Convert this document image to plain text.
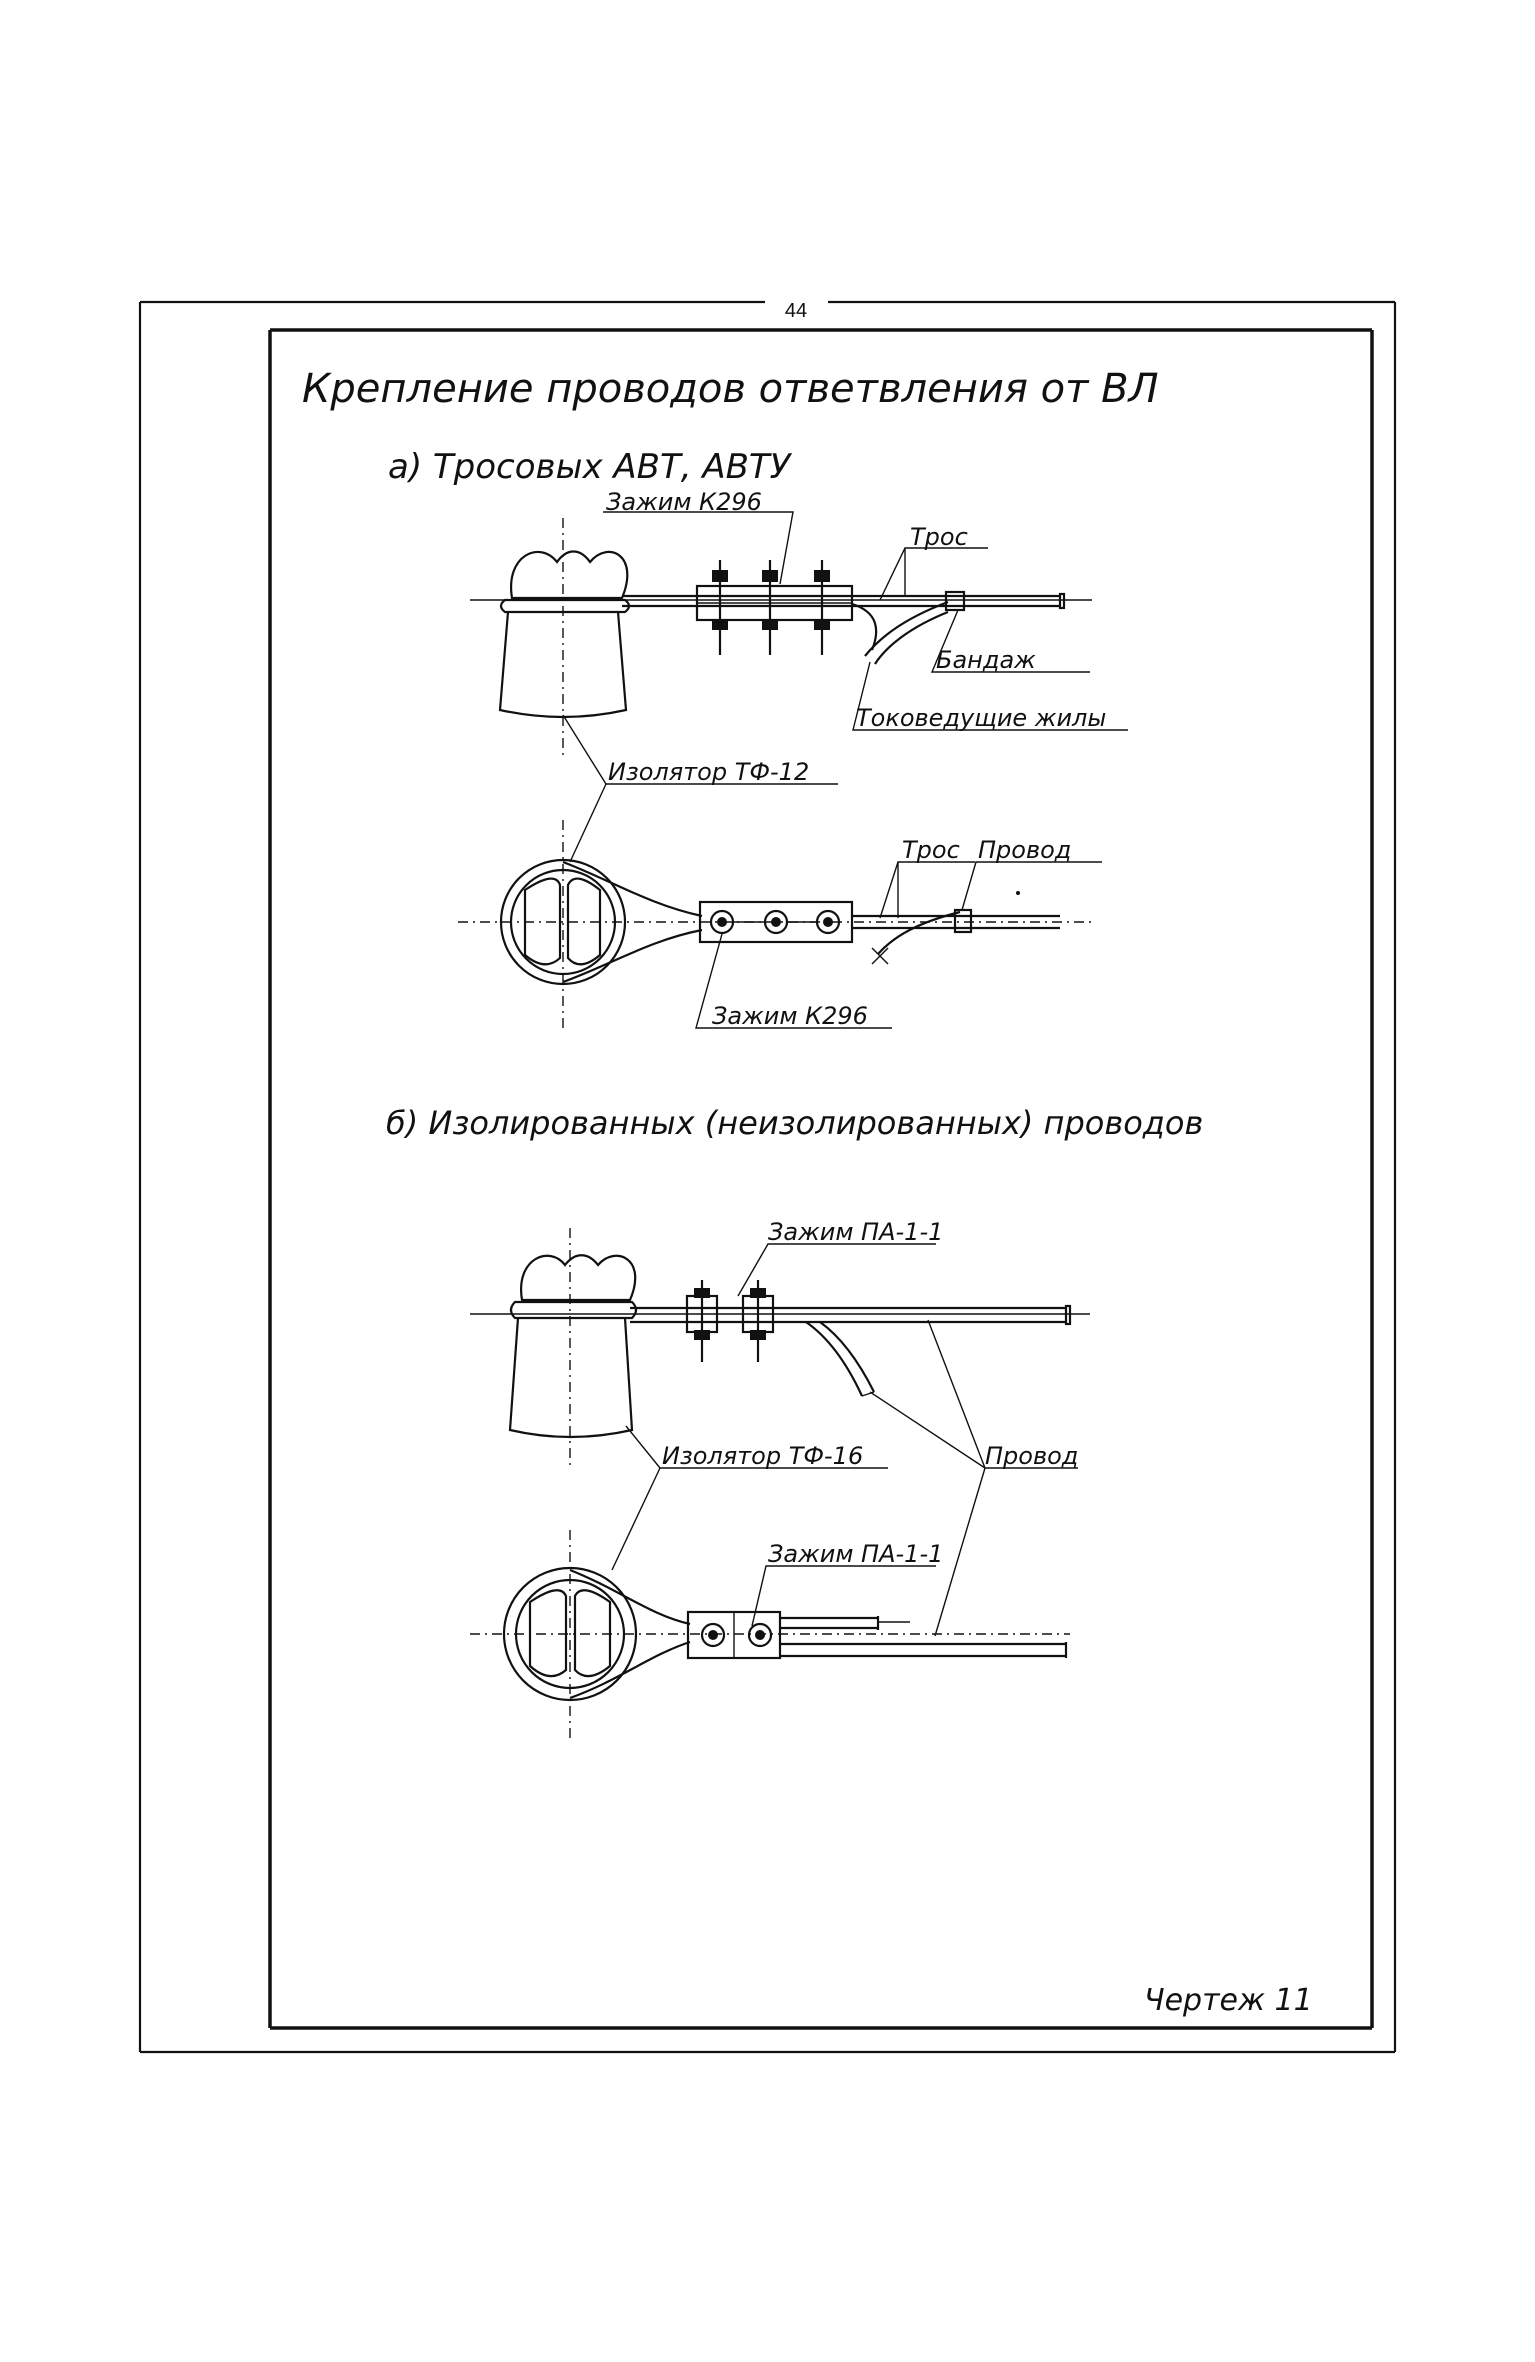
44
Крепление проводов ответвления от ВЛ
а) Тросовых АВТ, АВТУ
Зажим К296
Трос
Бандаж
Токоведущие жилы
Изолятор ТФ-12
Трос Провод
Зажим К296
б) Изолированных (неизолированных) проводов
Зажим ПА-1-1
Изолятор ТФ-16	Провод
Зажим ПА-1-1
Чертеж 11
